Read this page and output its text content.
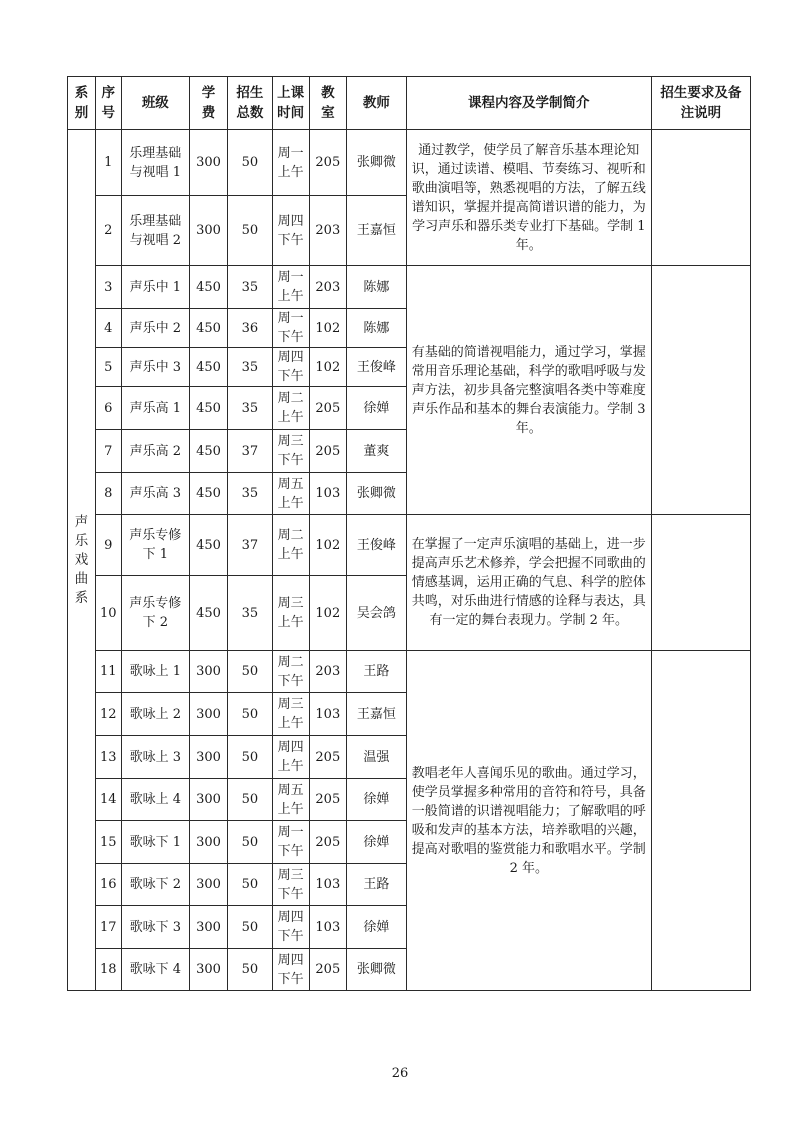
系别	序号	班级	学费	招生总数	上课时间	教室	教师	课程内容及学制简介	招生要求及备注说明
声乐戏曲系	1	乐理基础与视唱 1	300	50	周一上午	205	张卿微	通过教学，使学员了解音乐基本理论知识，通过读谱、模唱、节奏练习、视听和歌曲演唱等，熟悉视唱的方法，了解五线谱知识，掌握并提高简谱识谱的能力，为学习声乐和器乐类专业打下基础。学制 1 年。	
	2	乐理基础与视唱 2	300	50	周四下午	203	王嘉恒		
	3	声乐中 1	450	35	周一上午	203	陈娜	有基础的简谱视唱能力，通过学习，掌握常用音乐理论基础，科学的歌唱呼吸与发声方法，初步具备完整演唱各类中等难度声乐作品和基本的舞台表演能力。学制 3 年。	
	4	声乐中 2	450	36	周一下午	102	陈娜		
	5	声乐中 3	450	35	周四下午	102	王俊峰		
	6	声乐高 1	450	35	周二上午	205	徐婵		
	7	声乐高 2	450	37	周三下午	205	董爽		
	8	声乐高 3	450	35	周五上午	103	张卿微		
	9	声乐专修下 1	450	37	周二上午	102	王俊峰	在掌握了一定声乐演唱的基础上，进一步提高声乐艺术修养，学会把握不同歌曲的情感基调，运用正确的气息、科学的腔体共鸣，对乐曲进行情感的诠释与表达，具有一定的舞台表现力。学制 2 年。	
	10	声乐专修下 2	450	35	周三上午	102	吴会鸽		
	11	歌咏上 1	300	50	周二下午	203	王路	教唱老年人喜闻乐见的歌曲。通过学习，使学员掌握多种常用的音符和符号，具备一般简谱的识谱视唱能力；了解歌唱的呼吸和发声的基本方法，培养歌唱的兴趣，提高对歌唱的鉴赏能力和歌唱水平。学制 2 年。	
	12	歌咏上 2	300	50	周三上午	103	王嘉恒		
	13	歌咏上 3	300	50	周四上午	205	温强		
	14	歌咏上 4	300	50	周五上午	205	徐婵		
	15	歌咏下 1	300	50	周一下午	205	徐婵		
	16	歌咏下 2	300	50	周三下午	103	王路		
	17	歌咏下 3	300	50	周四下午	103	徐婵		
	18	歌咏下 4	300	50	周四下午	205	张卿微		
26
